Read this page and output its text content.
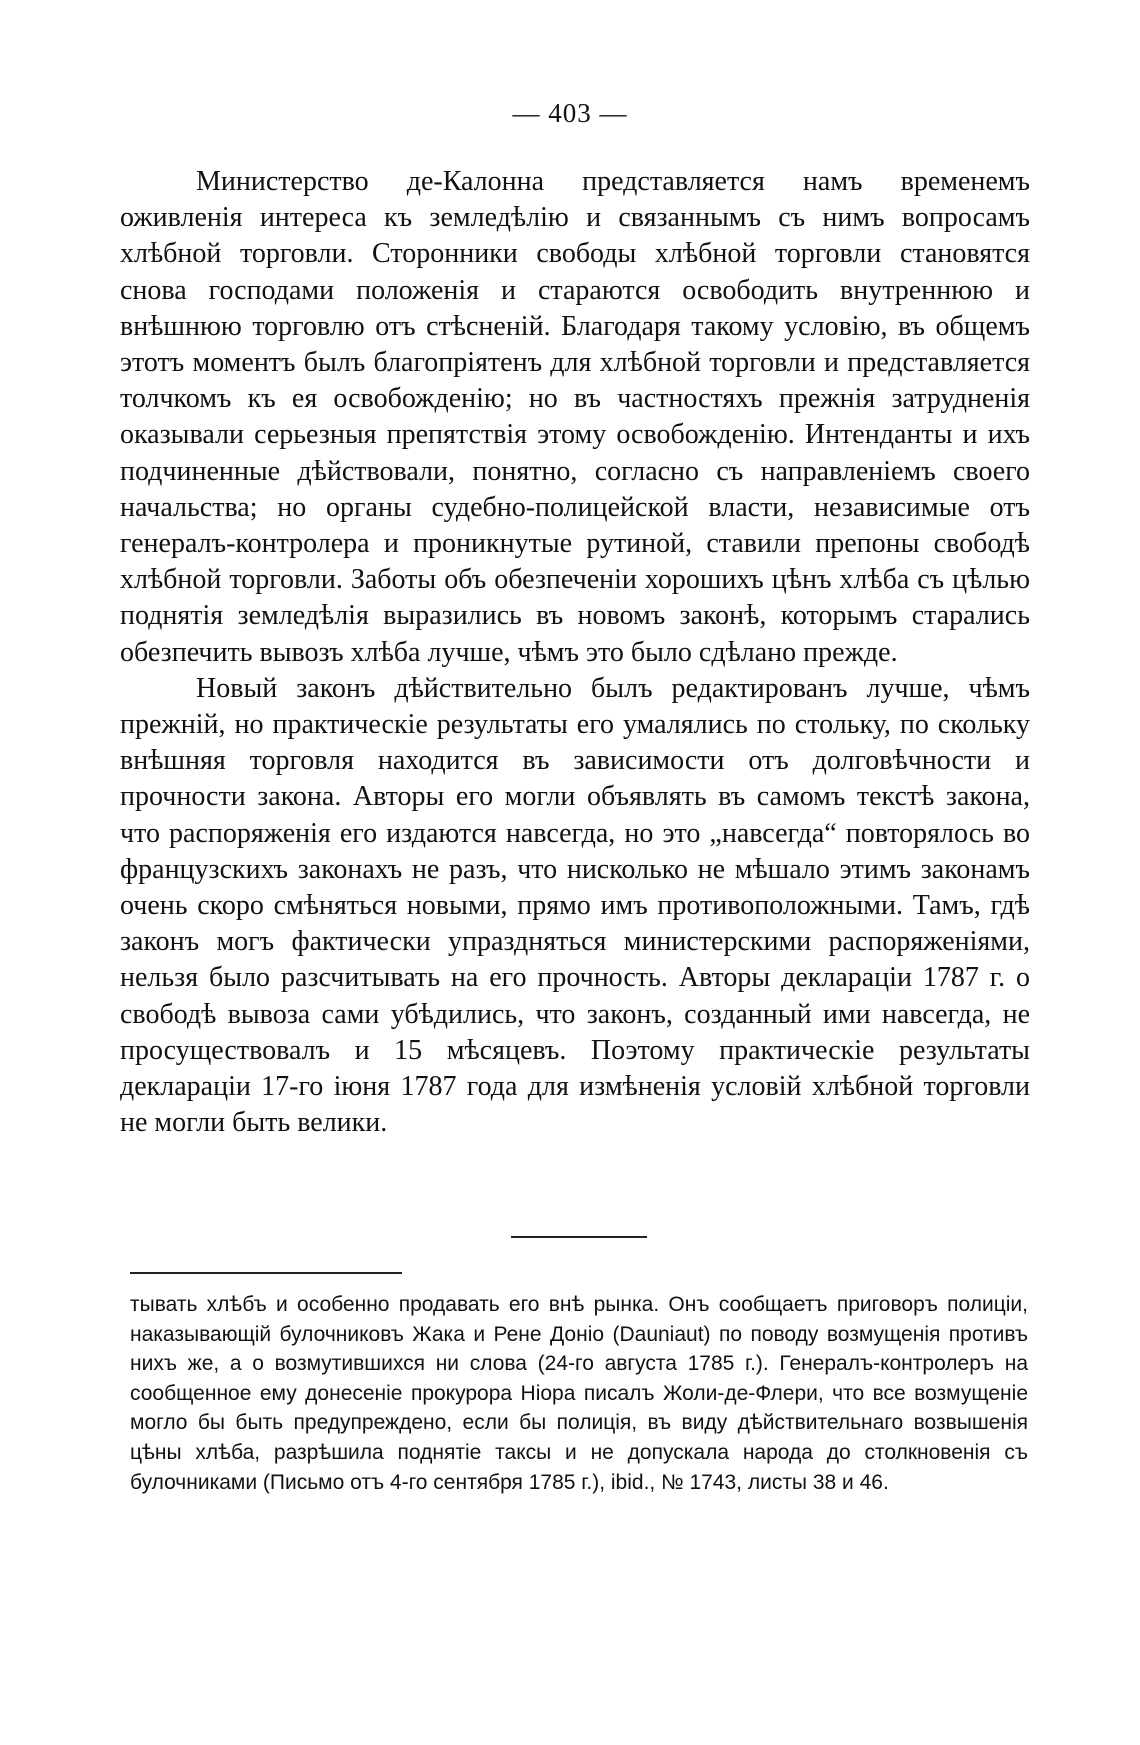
— 403 —

Министерство де-Калонна представляется намъ временемъ оживленія интереса къ земледѣлію и связаннымъ съ нимъ вопросамъ хлѣбной торговли. Сторонники свободы хлѣбной торговли становятся снова господами положенія и стараются освободить внутреннюю и внѣшнюю торговлю отъ стѣсненій. Благодаря такому условію, въ общемъ этотъ моментъ былъ благопріятенъ для хлѣбной торговли и представляется толчкомъ къ ея освобожденію; но въ частностяхъ прежнія затрудненія оказывали серьезныя препятствія этому освобожденію. Интенданты и ихъ подчиненные дѣйствовали, понятно, согласно съ направленіемъ своего начальства; но органы судебно-полицейской власти, независимые отъ генералъ-контролера и проникнутые рутиной, ставили препоны свободѣ хлѣбной торговли. Заботы объ обезпеченіи хорошихъ цѣнъ хлѣба съ цѣлью поднятія земледѣлія выразились въ новомъ законѣ, которымъ старались обезпечить вывозъ хлѣба лучше, чѣмъ это было сдѣлано прежде.

Новый законъ дѣйствительно былъ редактированъ лучше, чѣмъ прежній, но практическіе результаты его умалялись по стольку, по скольку внѣшняя торговля находится въ зависимости отъ долговѣчности и прочности закона. Авторы его могли объявлять въ самомъ текстѣ закона, что распоряженія его издаются навсегда, но это „навсегда“ повторялось во французскихъ законахъ не разъ, что нисколько не мѣшало этимъ законамъ очень скоро смѣняться новыми, прямо имъ противоположными. Тамъ, гдѣ законъ могъ фактически упраздняться министерскими распоряженіями, нельзя было разсчитывать на его прочность. Авторы деклараціи 1787 г. о свободѣ вывоза сами убѣдились, что законъ, созданный ими навсегда, не просуществовалъ и 15 мѣсяцевъ. Поэтому практическіе результаты деклараціи 17-го іюня 1787 года для измѣненія условій хлѣбной торговли не могли быть велики.

тывать хлѣбъ и особенно продавать его внѣ рынка. Онъ сообщаетъ приговоръ полиціи, наказывающій булочниковъ Жака и Рене Доніо (Dauniaut) по поводу возмущенія противъ нихъ же, а о возмутившихся ни слова (24-го августа 1785 г.). Генералъ-контролеръ на сообщенное ему донесеніе прокурора Ніора писалъ Жоли-де-Флери, что все возмущеніе могло бы быть предупреждено, если бы полиція, въ виду дѣйствительнаго возвышенія цѣны хлѣба, разрѣшила поднятіе таксы и не допускала народа до столкновенія съ булочниками (Письмо отъ 4-го сентября 1785 г.), ibid., № 1743, листы 38 и 46.
